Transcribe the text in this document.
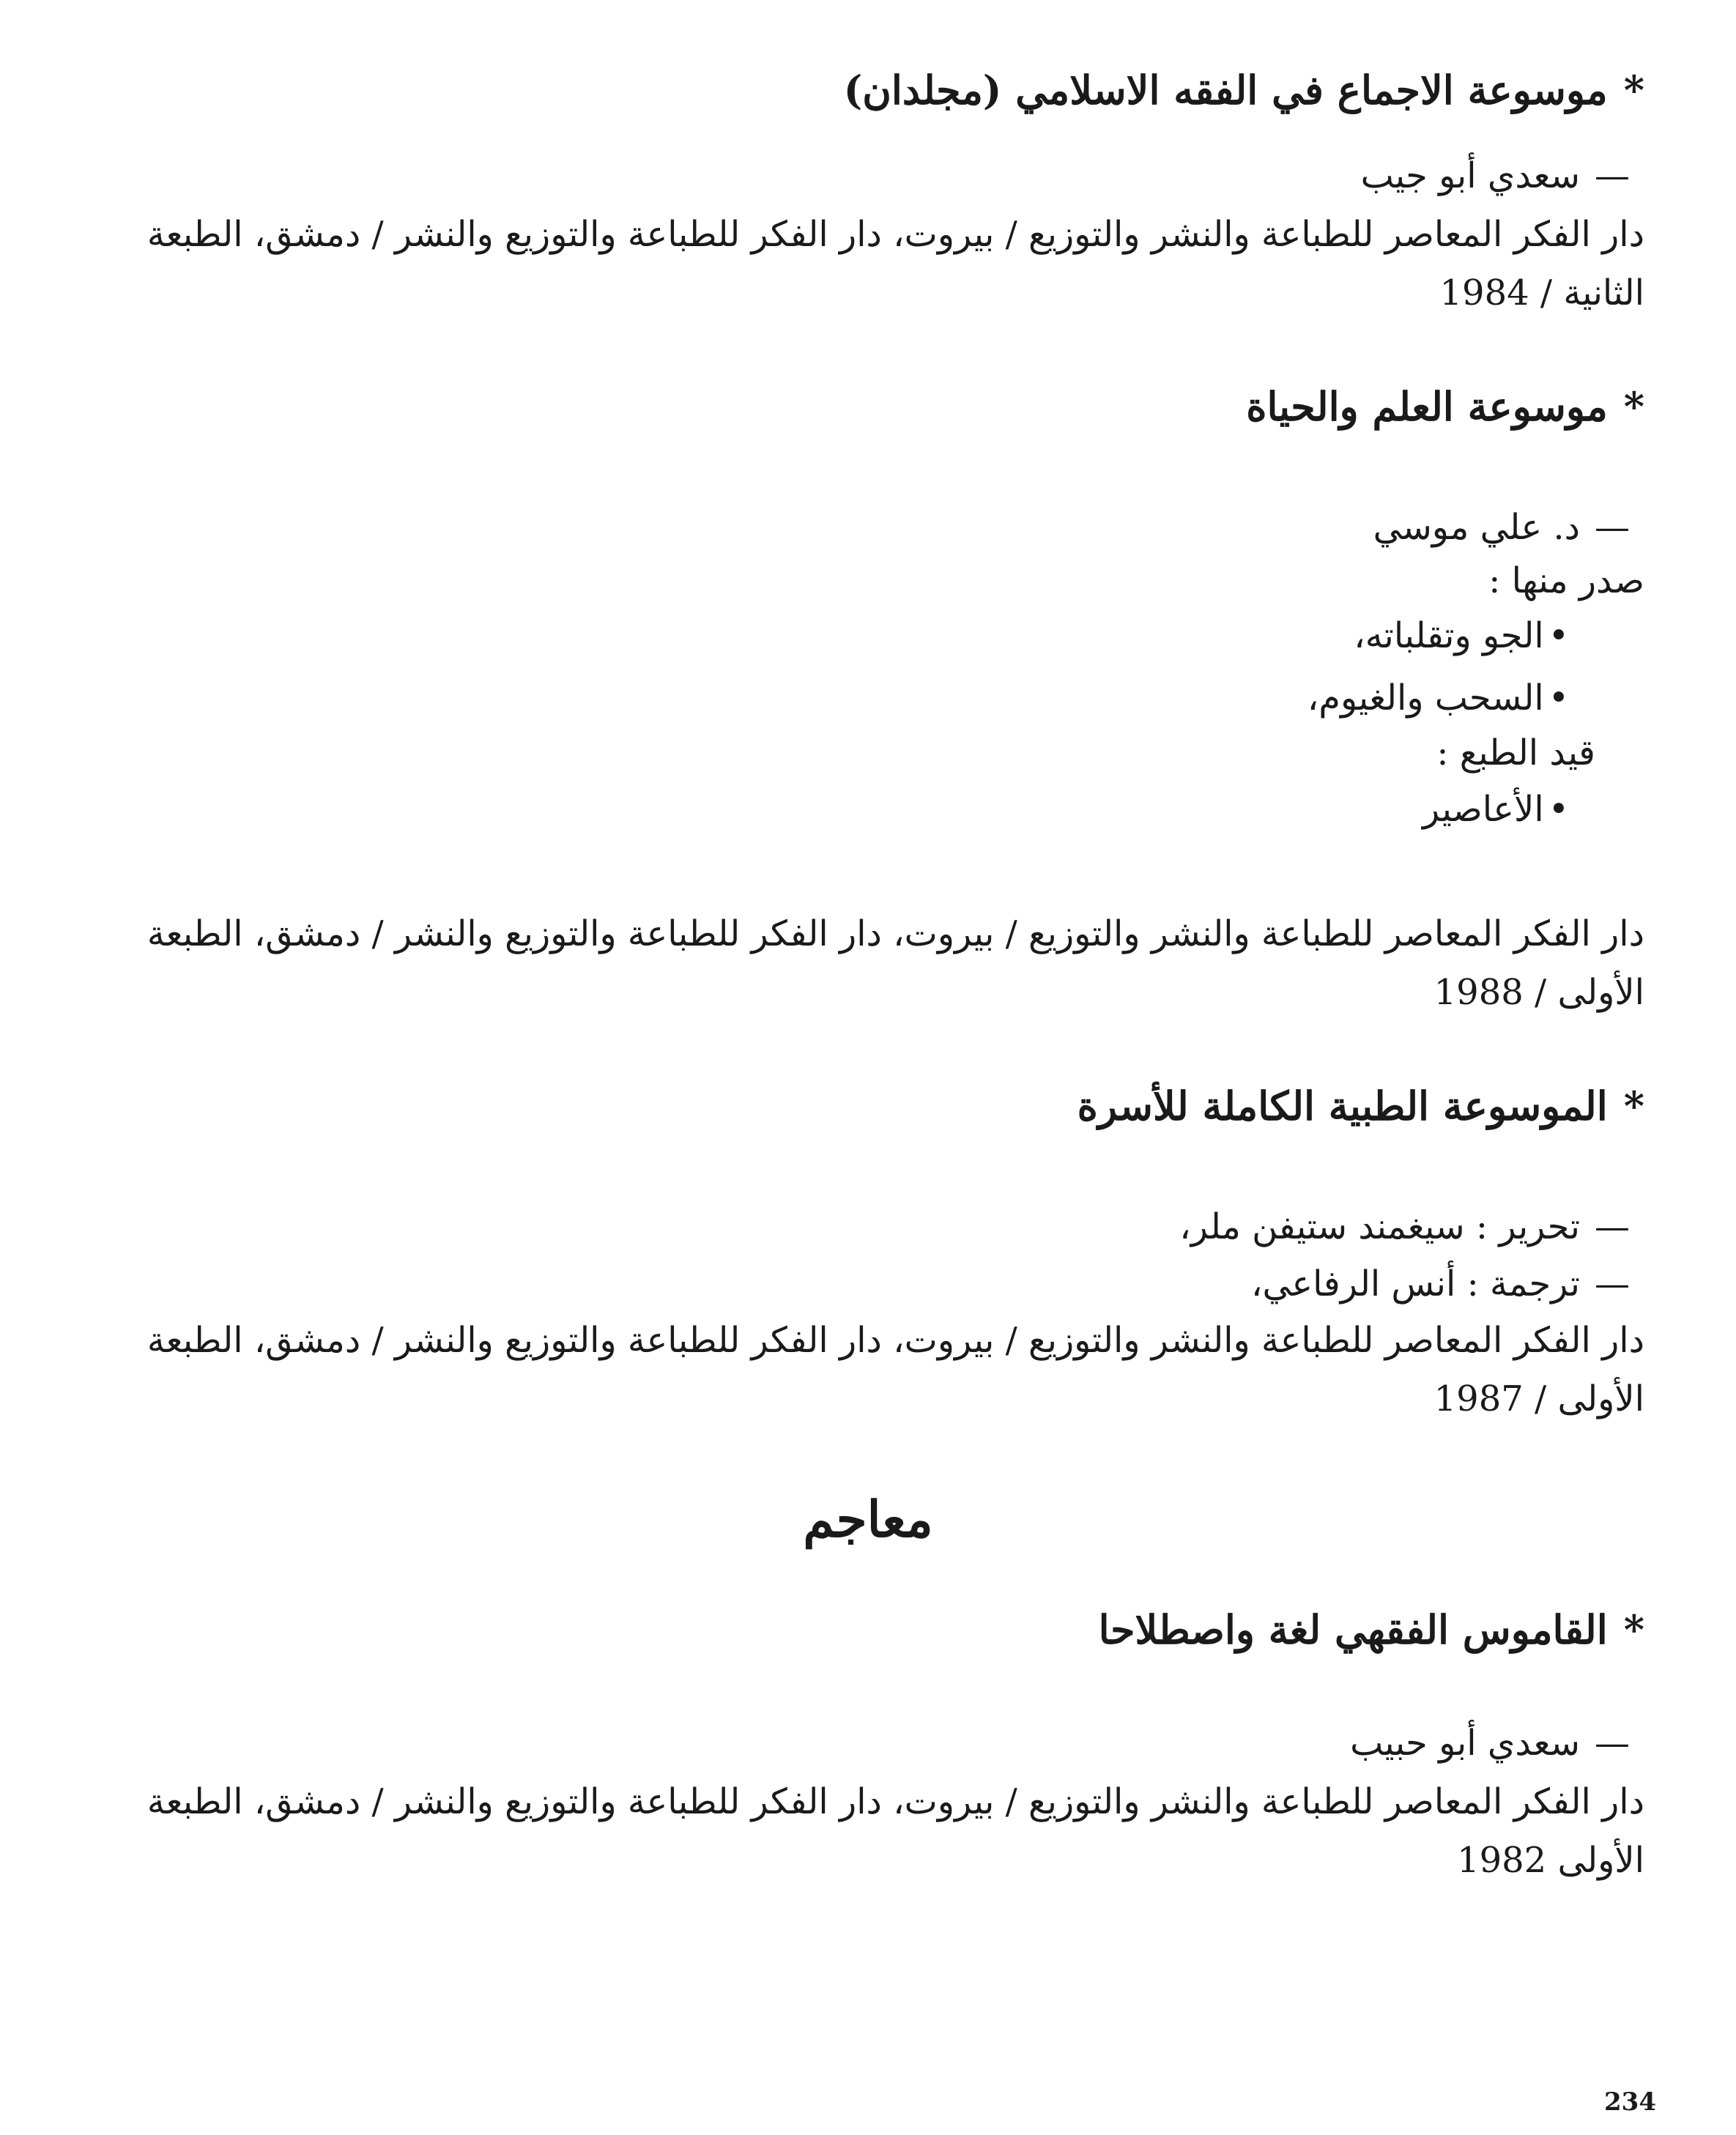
*موسوعة الاجماع في الفقه الاسلامي (مجلدان)
—سعدي أبو جيب
دار الفكر المعاصر للطباعة والنشر والتوزيع / بيروت، دار الفكر للطباعة والتوزيع والنشر / دمشق، الطبعة
الثانية / 1984
*موسوعة العلم والحياة
—د. علي موسي
صدر منها :
•الجو وتقلباته،
•السحب والغيوم،
قيد الطبع :
•الأعاصير
دار الفكر المعاصر للطباعة والنشر والتوزيع / بيروت، دار الفكر للطباعة والتوزيع والنشر / دمشق، الطبعة
الأولى / 1988
*الموسوعة الطبية الكاملة للأسرة
—تحرير : سيغمند ستيفن ملر،
—ترجمة : أنس الرفاعي،
دار الفكر المعاصر للطباعة والنشر والتوزيع / بيروت، دار الفكر للطباعة والتوزيع والنشر / دمشق، الطبعة
الأولى / 1987
معاجم
*القاموس الفقهي لغة واصطلاحا
—سعدي أبو حبيب
دار الفكر المعاصر للطباعة والنشر والتوزيع / بيروت، دار الفكر للطباعة والتوزيع والنشر / دمشق، الطبعة
الأولى 1982
234
